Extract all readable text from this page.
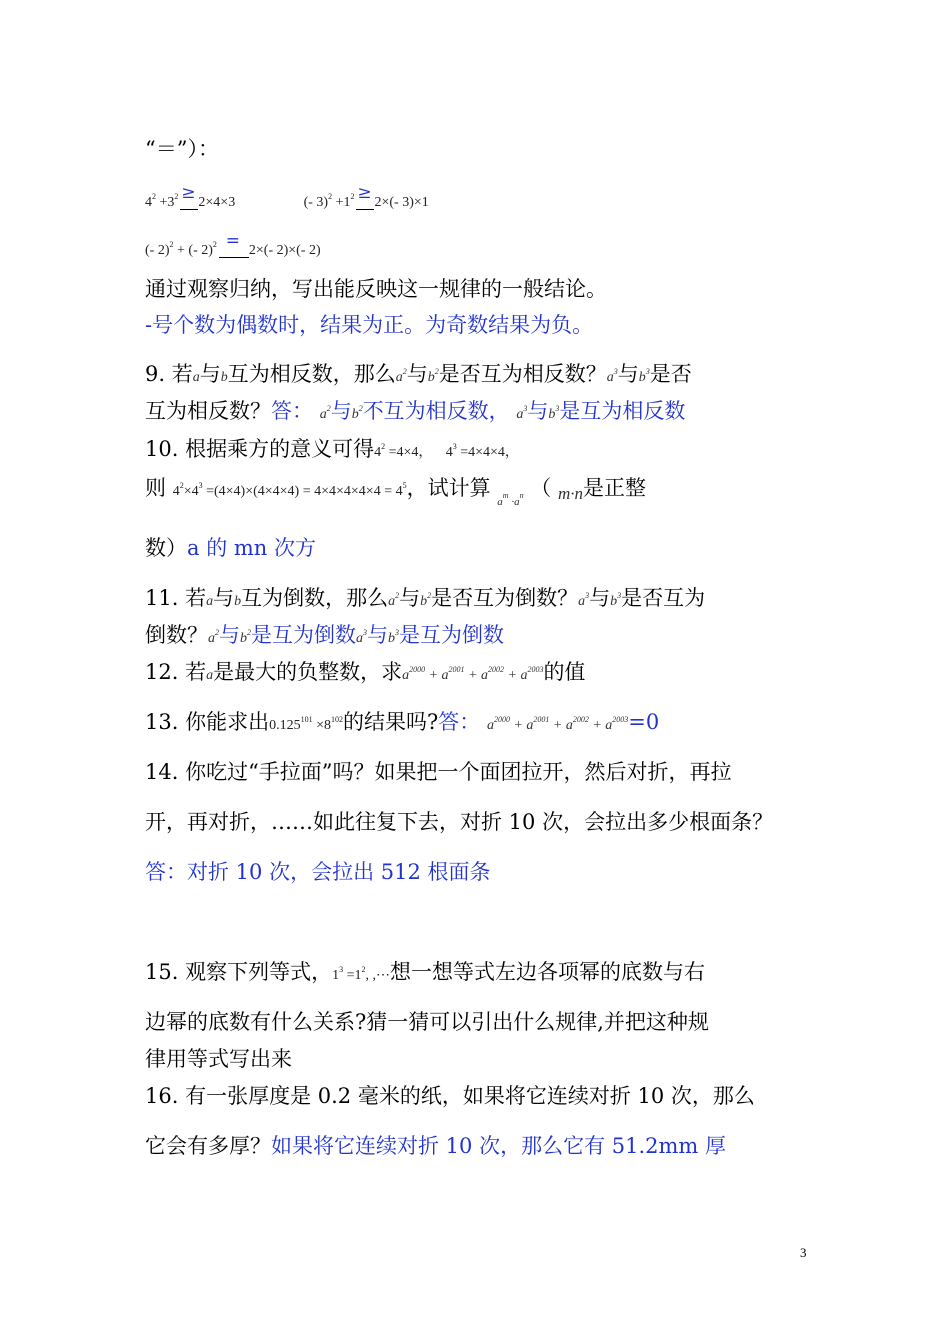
“＝”）：
$4^2 +3^2 \ge 2\times 4\times 3$	(- $3)^2 +1^2 \ge 2\times(-$ 3)×1
(- 2)$^2$ + (- 2)$^2$ = 2×(- 2)×(- 2)
通过观察归纳，写出能反映这一规律的一般结论。
-号个数为偶数时，结果为正。为奇数结果为负。
9. 若a与b互为相反数，那么$a^2$与$b^2$是否互为相反数？$a^3$与$b^3$是否
互为相反数？答： $a^2$与$b^2$不互为相反数， $a^3$与$b^3$是互为相反数
10. 根据乘方的意义可得$4^2 =4\times 4$， $4^3 =4\times 4\times 4$，
则 $4^2\times 4^3 =(4\times 4)\times(4\times 4\times 4) = 4\times 4\times 4\times 4\times 4 = 4^5$，试计算 $_{a^m \cdot a^n}$ （ m·n是正整
数）a 的 mn 次方
11. 若a与b互为倒数，那么$a^2$与$b^2$是否互为倒数？$a^3$与$b^3$是否互为
倒数？$a^2$与$b^2$是互为倒数$a^3$与$b^3$是互为倒数
12. 若a是最大的负整数，求$a^{2000} + a^{2001} + a^{2002} + a^{2003}$的值
13. 你能求出$0.125^{101} \times 8^{102}$的结果吗?答： $a^{2000} + a^{2001} + a^{2002} + a^{2003}=0$
14. 你吃过“手拉面”吗？如果把一个面团拉开，然后对折，再拉
开，再对折，……如此往复下去，对折 10 次，会拉出多少根面条？
答：对折 10 次，会拉出 512 根面条
15. 观察下列等式，$1^3 =1^2$, ,⋯想一想等式左边各项幂的底数与右
边幂的底数有什么关系?猜一猜可以引出什么规律,并把这种规
律用等式写出来
16. 有一张厚度是 0.2 毫米的纸，如果将它连续对折 10 次，那么
它会有多厚？如果将它连续对折 10 次，那么它有 51.2mm 厚
3
